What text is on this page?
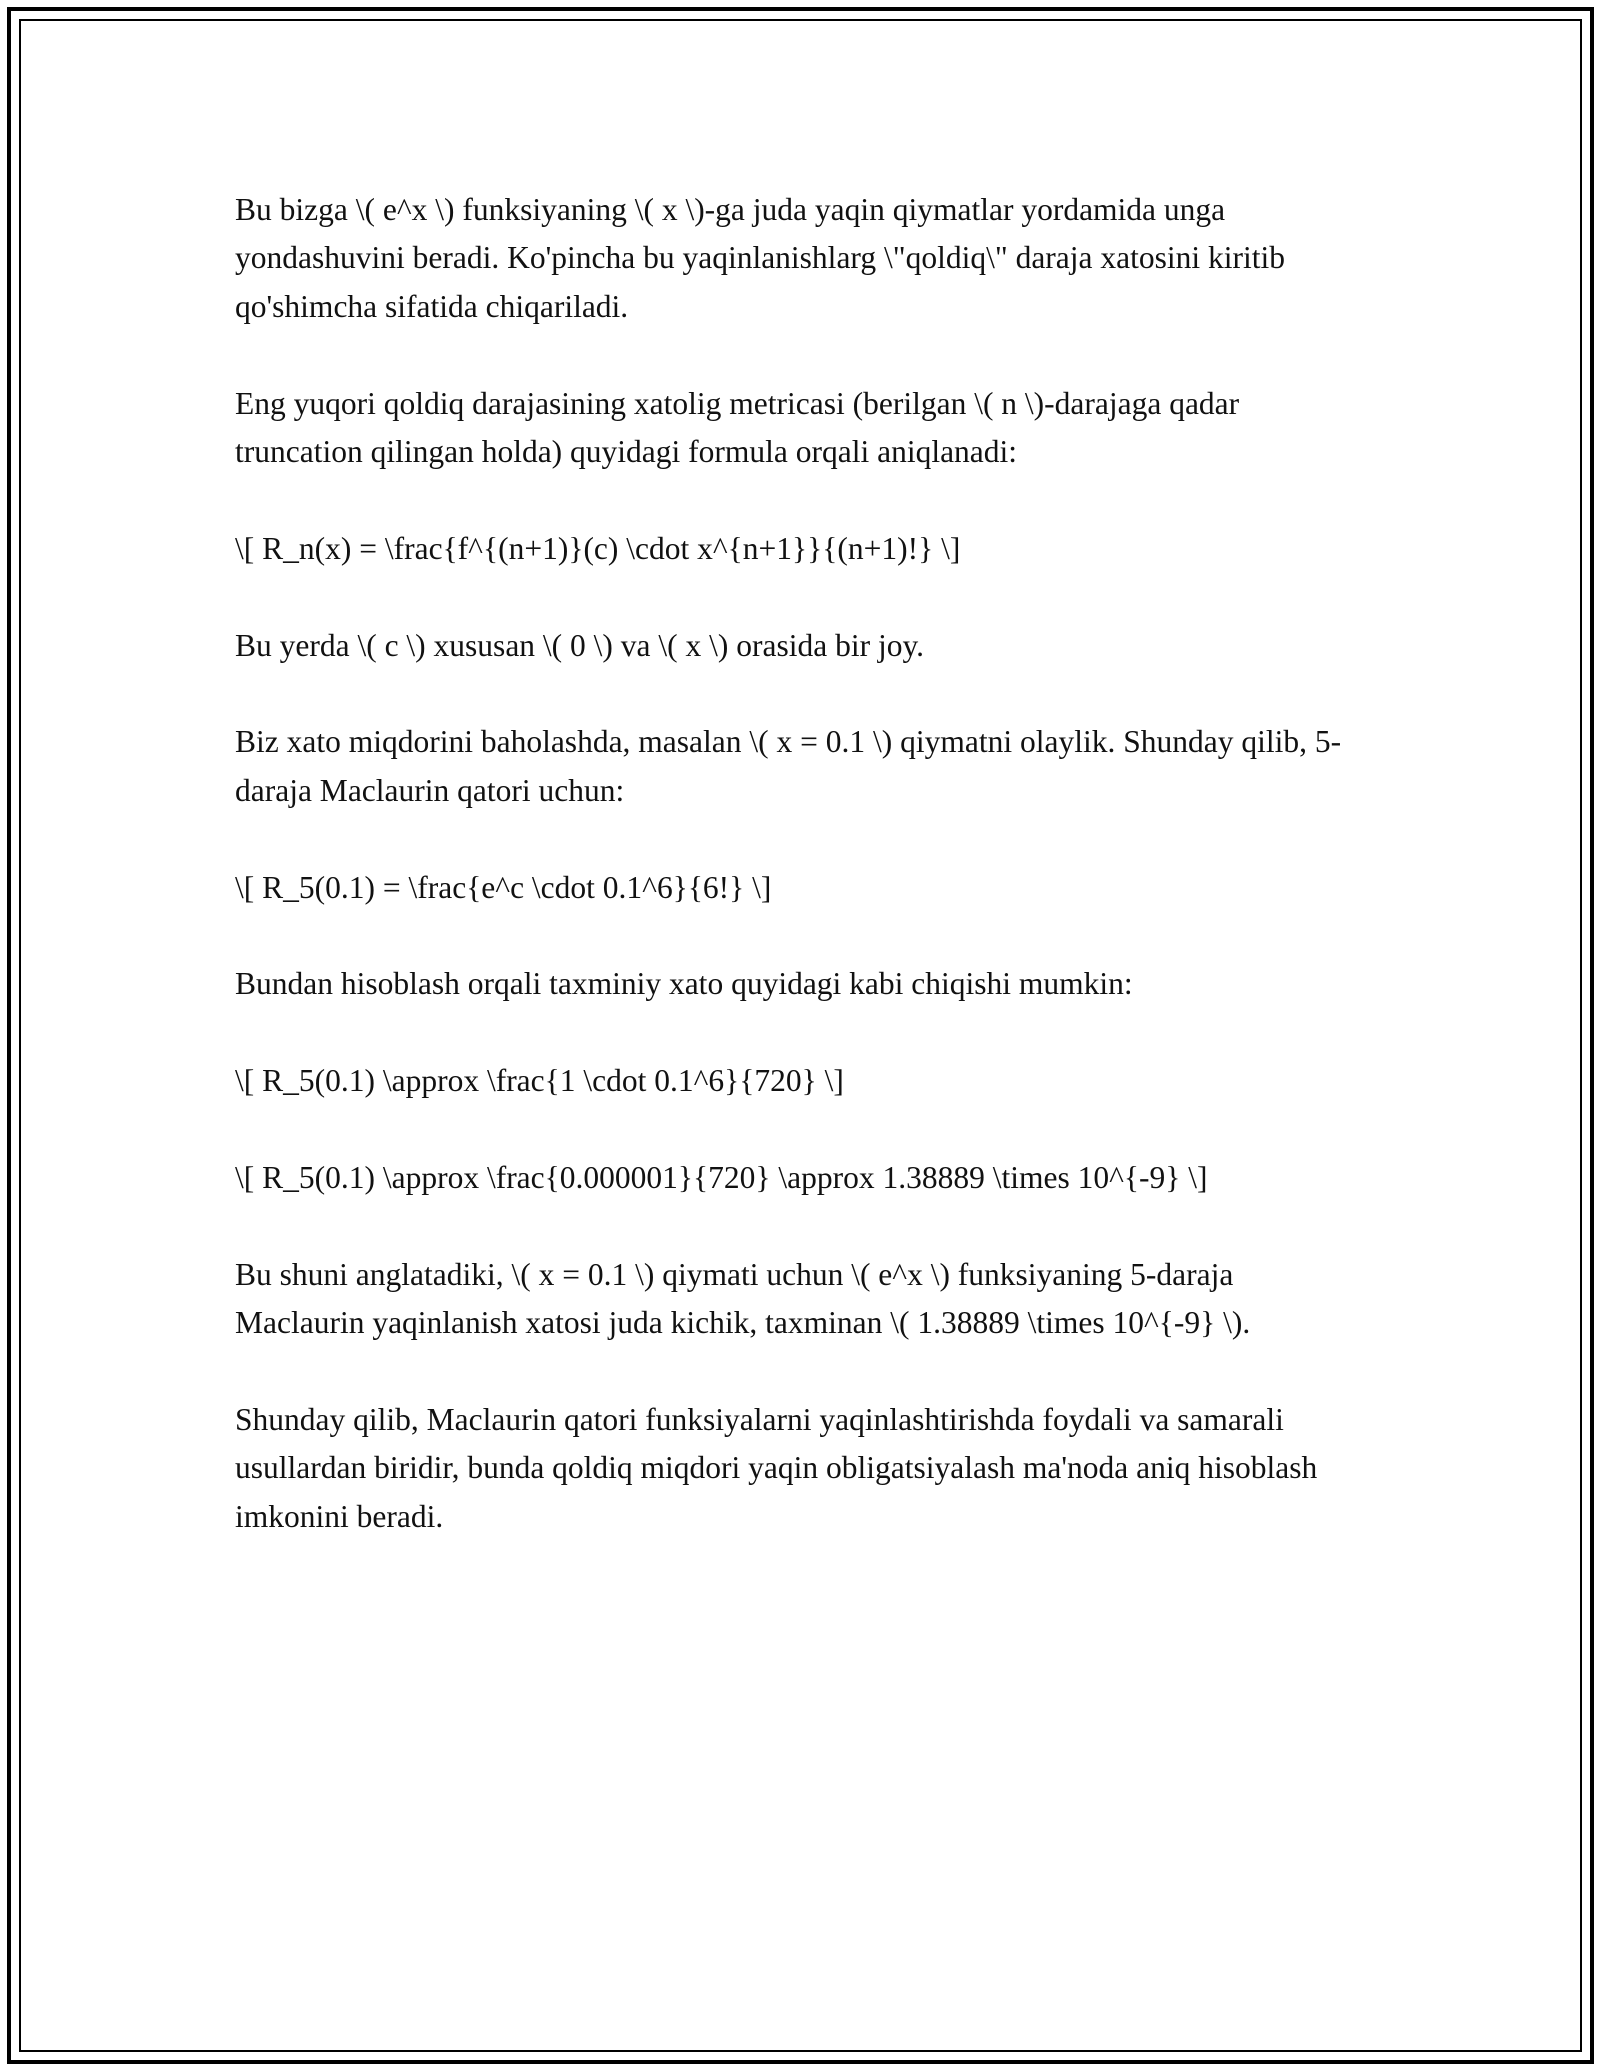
Bu bizga \( e^x \) funksiyaning \( x \)-ga juda yaqin qiymatlar yordamida unga yondashuvini beradi. Ko'pincha bu yaqinlanishlarg \"qoldiq\" daraja xatosini kiritib qo'shimcha sifatida chiqariladi.

Eng yuqori qoldiq darajasining xatolig metricasi (berilgan \( n \)-darajaga qadar truncation qilingan holda) quyidagi formula orqali aniqlanadi:

\[ R_n(x) = \frac{f^{(n+1)}(c) \cdot x^{n+1}}{(n+1)!} \]

Bu yerda \( c \) xususan \( 0 \) va \( x \) orasida bir joy.

Biz xato miqdorini baholashda, masalan \( x = 0.1 \) qiymatni olaylik. Shunday qilib, 5-daraja Maclaurin qatori uchun:

\[ R_5(0.1) = \frac{e^c \cdot 0.1^6}{6!} \]

Bundan hisoblash orqali taxminiy xato quyidagi kabi chiqishi mumkin:

\[ R_5(0.1) \approx \frac{1 \cdot 0.1^6}{720} \]

\[ R_5(0.1) \approx \frac{0.000001}{720} \approx 1.38889 \times 10^{-9} \]

Bu shuni anglatadiki, \( x = 0.1 \) qiymati uchun \( e^x \) funksiyaning 5-daraja Maclaurin yaqinlanish xatosi juda kichik, taxminan \( 1.38889 \times 10^{-9} \).

Shunday qilib, Maclaurin qatori funksiyalarni yaqinlashtirishda foydali va samarali usullardan biridir, bunda qoldiq miqdori yaqin obligatsiyalash ma'noda aniq hisoblash imkonini beradi.
